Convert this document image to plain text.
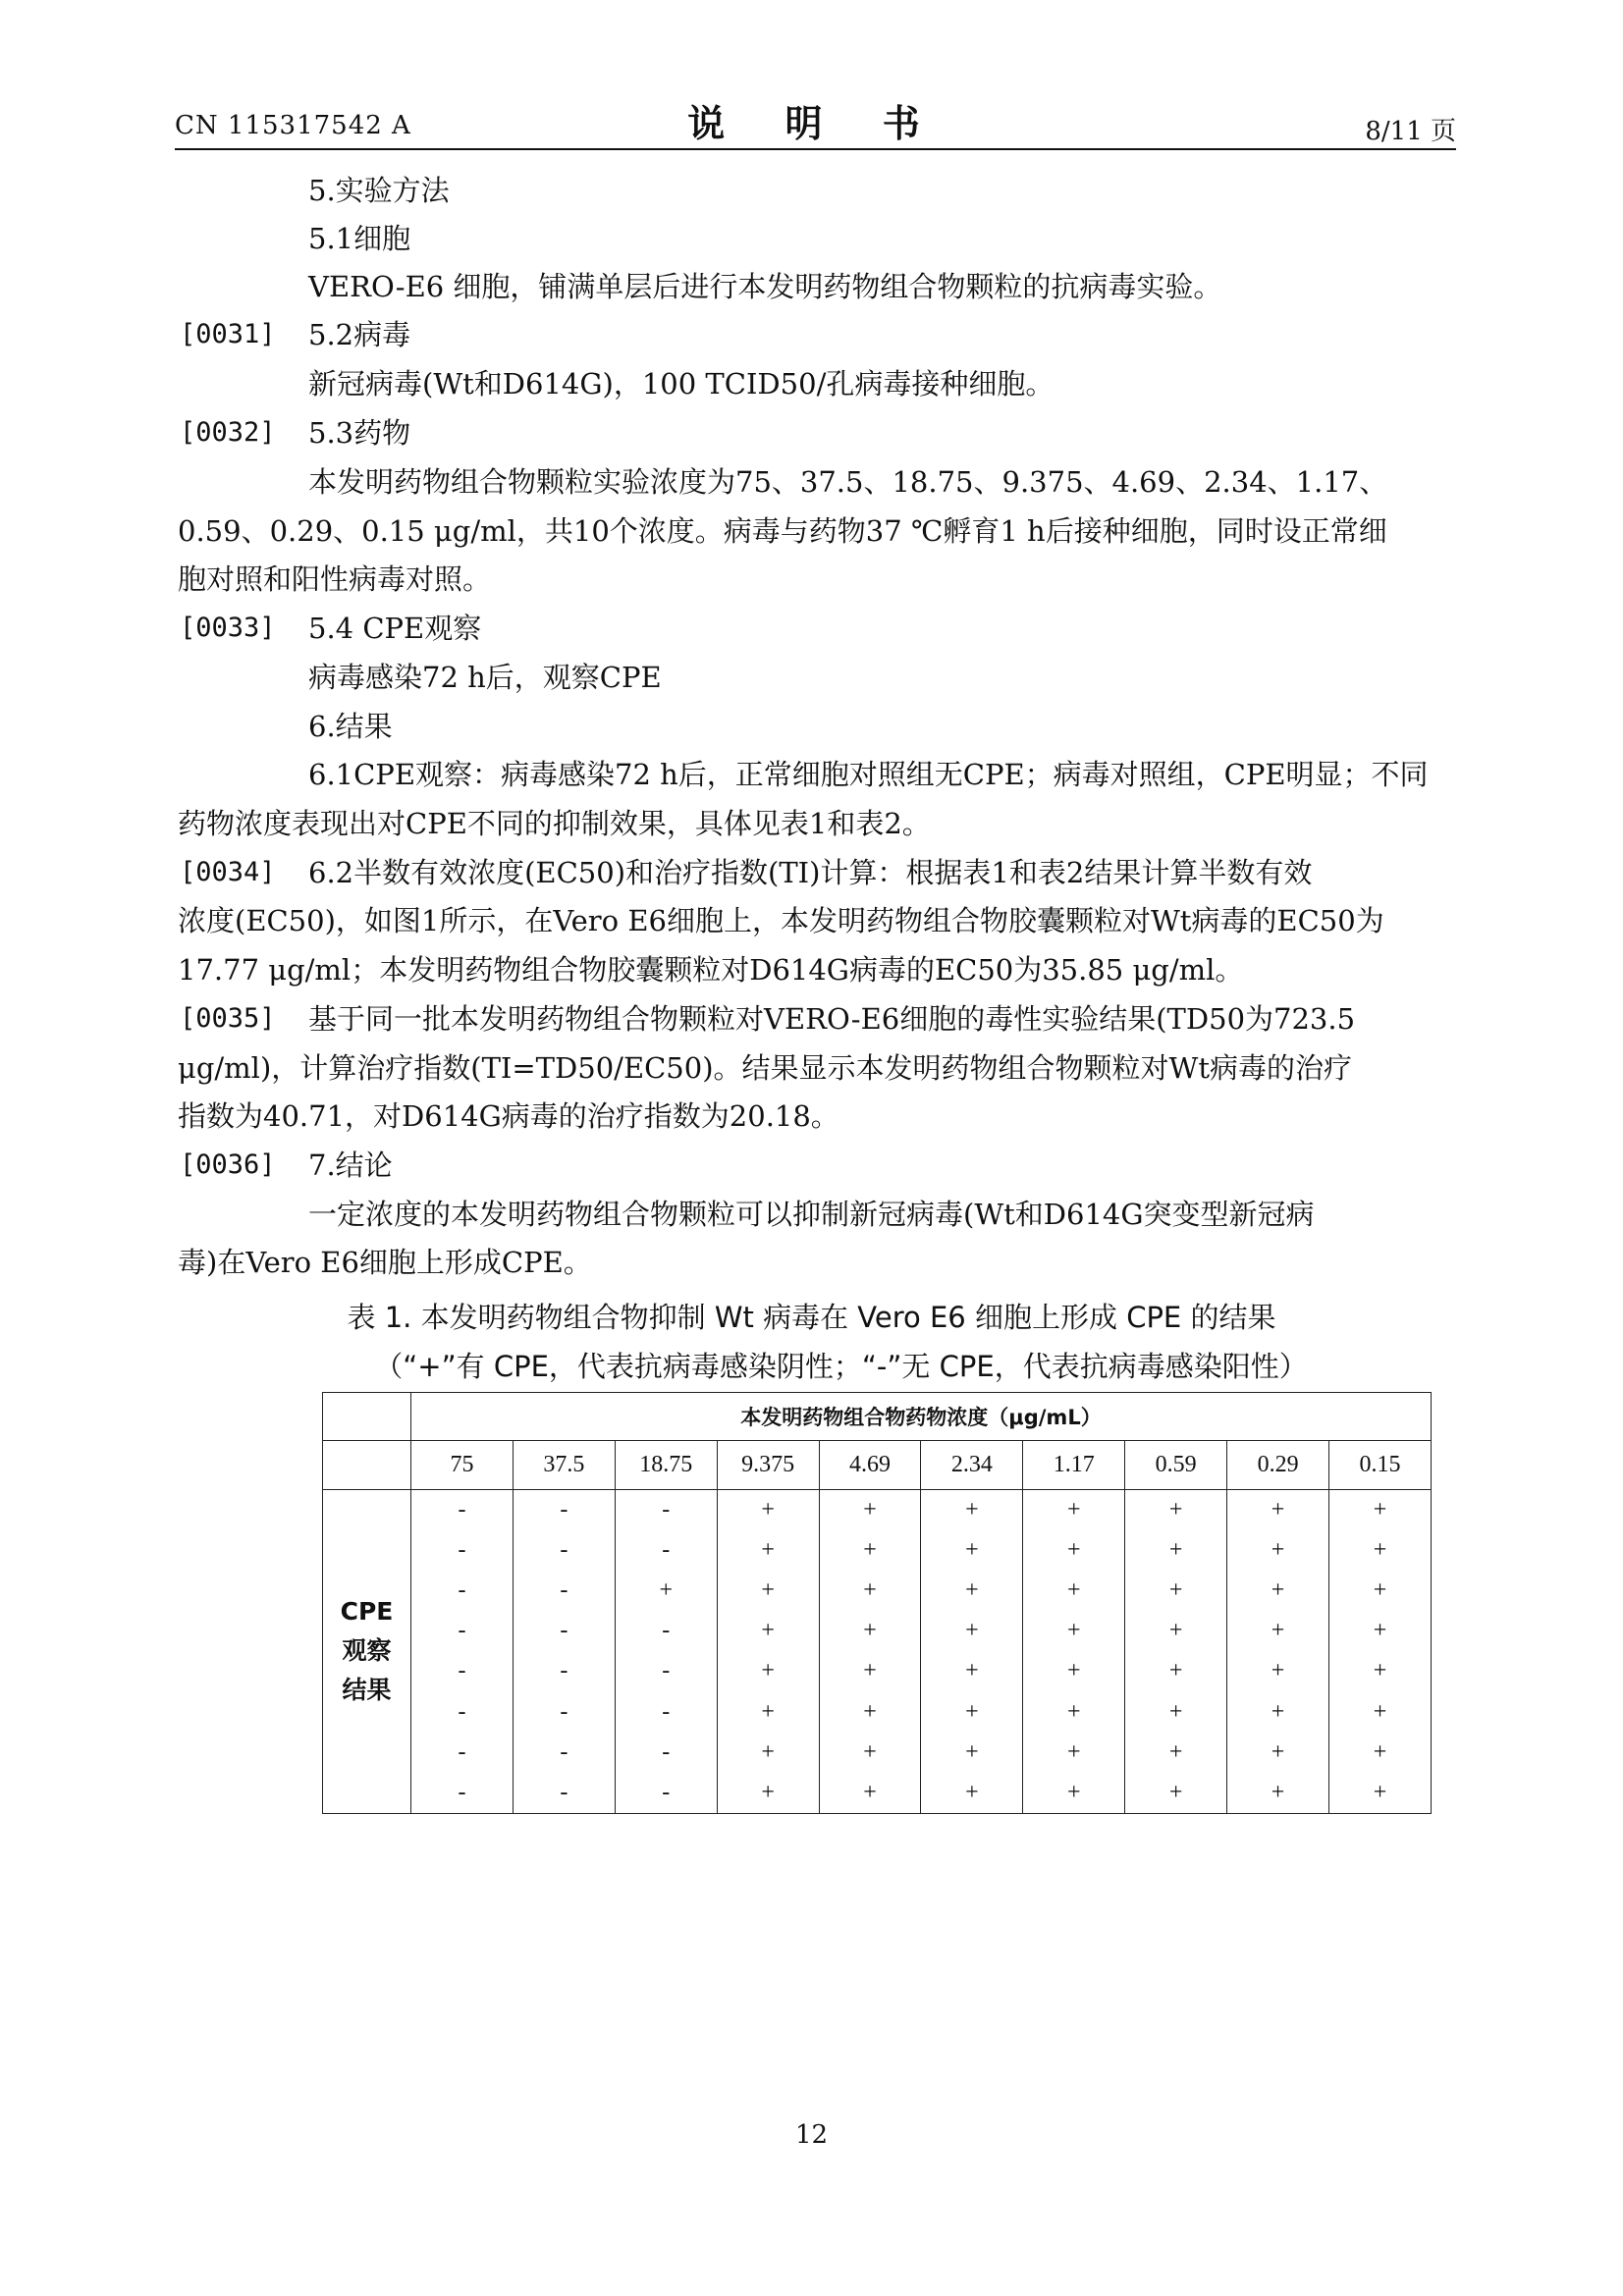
CN 115317542 A	说 明 书	8/11 页
5.实验方法
5.1细胞
VERO-E6 细胞，铺满单层后进行本发明药物组合物颗粒的抗病毒实验。
[0031] 5.2病毒
新冠病毒(Wt和D614G)，100 TCID50/孔病毒接种细胞。
[0032] 5.3药物
本发明药物组合物颗粒实验浓度为75、37.5、18.75、9.375、4.69、2.34、1.17、
0.59、0.29、0.15 μg/ml，共10个浓度。病毒与药物37 ℃孵育1 h后接种细胞，同时设正常细
胞对照和阳性病毒对照。
[0033] 5.4 CPE观察
病毒感染72 h后，观察CPE
6.结果
6.1CPE观察：病毒感染72 h后，正常细胞对照组无CPE；病毒对照组，CPE明显；不同
药物浓度表现出对CPE不同的抑制效果，具体见表1和表2。
[0034] 6.2半数有效浓度(EC50)和治疗指数(TI)计算：根据表1和表2结果计算半数有效
浓度(EC50)，如图1所示，在Vero E6细胞上，本发明药物组合物胶囊颗粒对Wt病毒的EC50为
17.77 μg/ml；本发明药物组合物胶囊颗粒对D614G病毒的EC50为35.85 μg/ml。
[0035] 基于同一批本发明药物组合物颗粒对VERO-E6细胞的毒性实验结果(TD50为723.5
μg/ml)，计算治疗指数(TI=TD50/EC50)。结果显示本发明药物组合物颗粒对Wt病毒的治疗
指数为40.71，对D614G病毒的治疗指数为20.18。
[0036] 7.结论
一定浓度的本发明药物组合物颗粒可以抑制新冠病毒(Wt和D614G突变型新冠病
毒)在Vero E6细胞上形成CPE。
表 1. 本发明药物组合物抑制 Wt 病毒在 Vero E6 细胞上形成 CPE 的结果
（“+”有 CPE，代表抗病毒感染阴性；“-”无 CPE，代表抗病毒感染阳性）
	本发明药物组合物药物浓度（μg/mL）									
	75	37.5	18.75	9.375	4.69	2.34	1.17	0.59	0.29	0.15

CPE
观察
结果	-	-	-	+	+	+	+	+	+	+
	-	-	-	+	+	+	+	+	+	+
	-	-	+	+	+	+	+	+	+	+
	-	-	-	+	+	+	+	+	+	+
	-	-	-	+	+	+	+	+	+	+
	-	-	-	+	+	+	+	+	+	+
	-	-	-	+	+	+	+	+	+	+
	-	-	-	+	+	+	+	+	+	+
12
